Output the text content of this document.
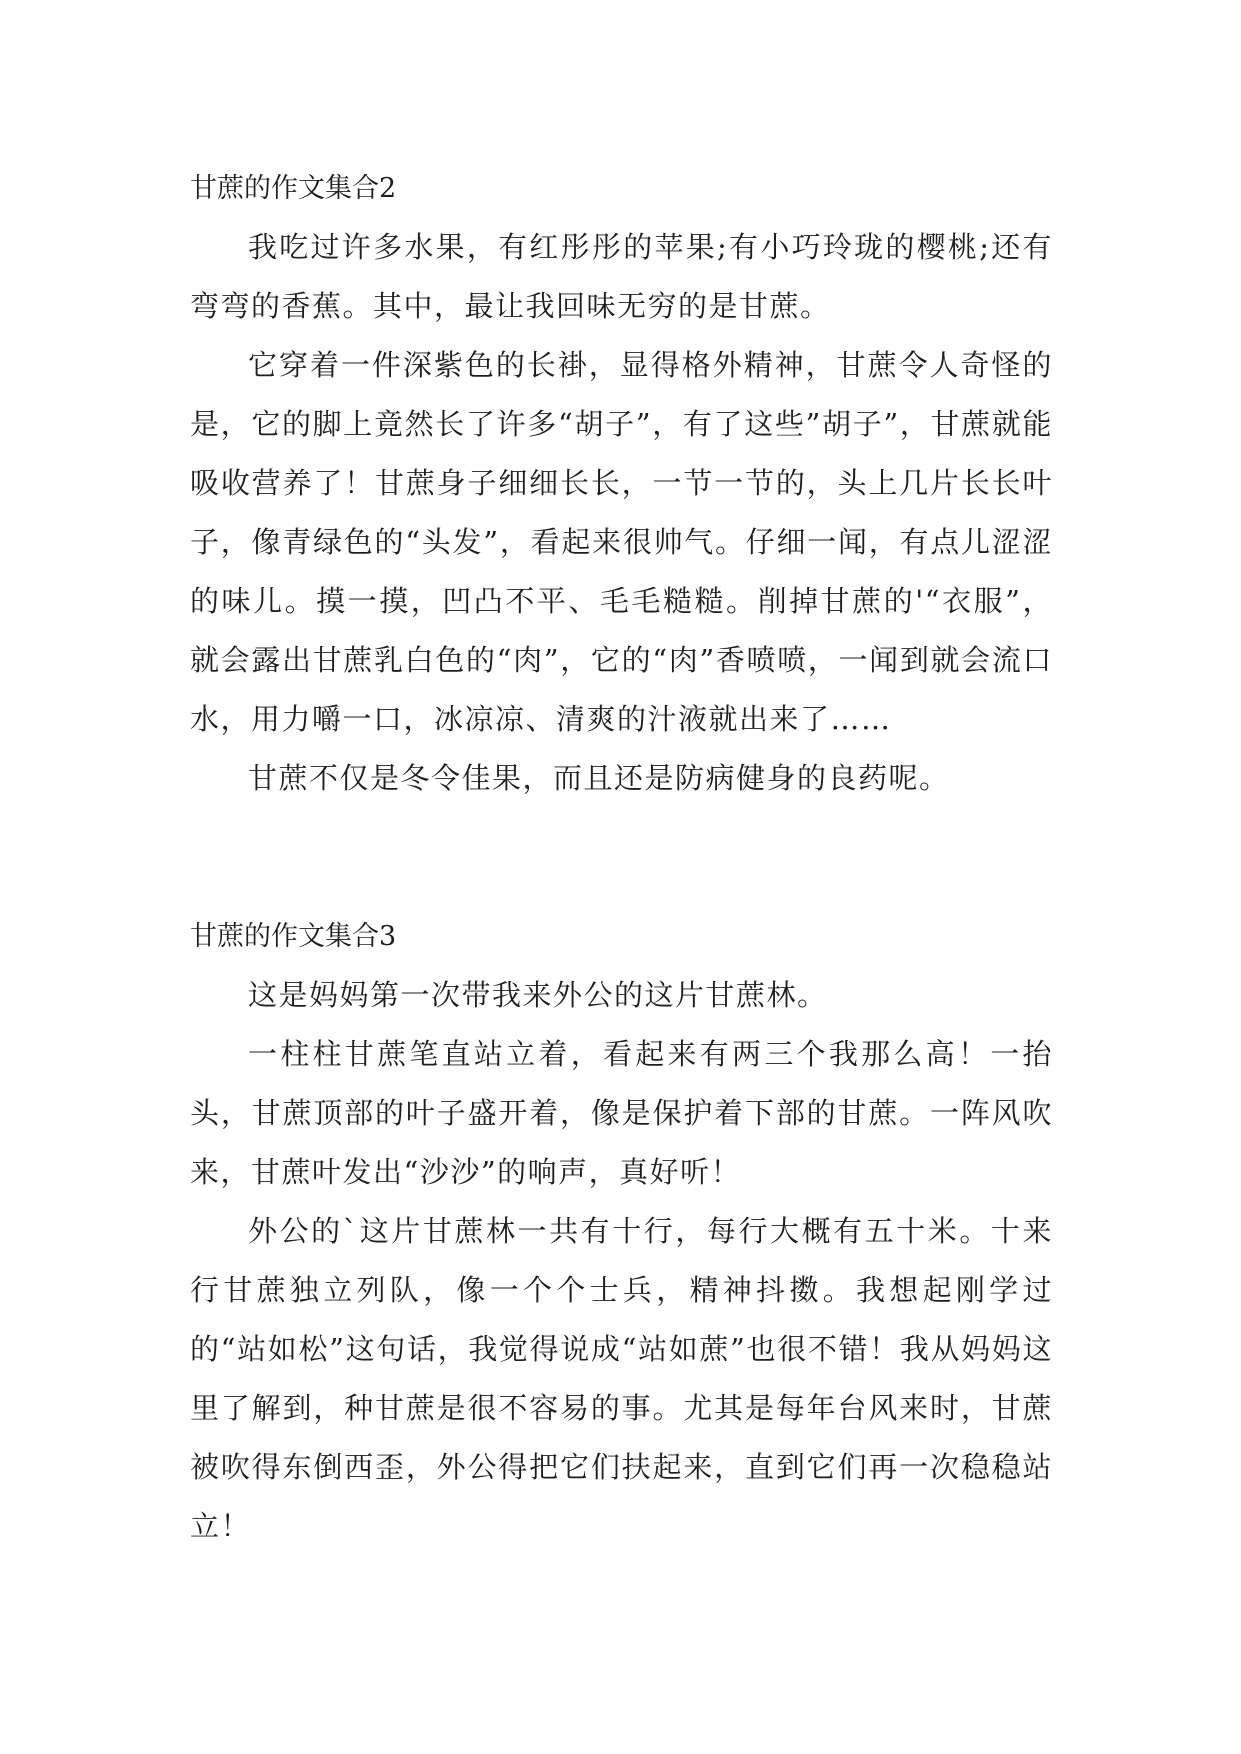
甘蔗的作文集合2

我吃过许多水果，有红彤彤的苹果;有小巧玲珑的樱桃;还有弯弯的香蕉。其中，最让我回味无穷的是甘蔗。

它穿着一件深紫色的长褂，显得格外精神，甘蔗令人奇怪的是，它的脚上竟然长了许多“胡子”，有了这些”胡子”，甘蔗就能吸收营养了！甘蔗身子细细长长，一节一节的，头上几片长长叶子，像青绿色的“头发”，看起来很帅气。仔细一闻，有点儿涩涩的味儿。摸一摸，凹凸不平、毛毛糙糙。削掉甘蔗的'“衣服”，就会露出甘蔗乳白色的“肉”，它的“肉”香喷喷，一闻到就会流口水，用力嚼一口，冰凉凉、清爽的汁液就出来了……

甘蔗不仅是冬令佳果，而且还是防病健身的良药呢。

甘蔗的作文集合3

这是妈妈第一次带我来外公的这片甘蔗林。

一柱柱甘蔗笔直站立着，看起来有两三个我那么高！一抬头，甘蔗顶部的叶子盛开着，像是保护着下部的甘蔗。一阵风吹来，甘蔗叶发出“沙沙”的响声，真好听！

外公的`这片甘蔗林一共有十行，每行大概有五十米。十来行甘蔗独立列队，像一个个士兵，精神抖擞。我想起刚学过的“站如松”这句话，我觉得说成“站如蔗”也很不错！我从妈妈这里了解到，种甘蔗是很不容易的事。尤其是每年台风来时，甘蔗被吹得东倒西歪，外公得把它们扶起来，直到它们再一次稳稳站立！
